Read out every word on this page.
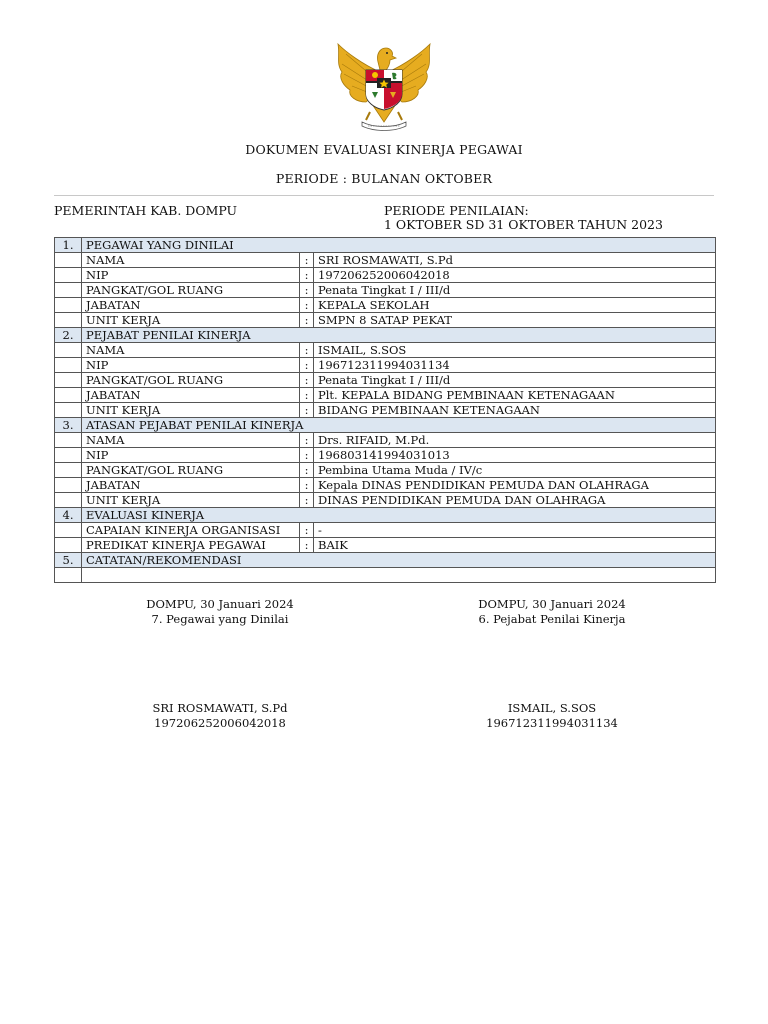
DOKUMEN EVALUASI KINERJA PEGAWAI
PERIODE : BULANAN OKTOBER
PEMERINTAH KAB. DOMPU	PERIODE PENILAIAN:
1 OKTOBER SD 31 OKTOBER TAHUN 2023
1.	PEGAWAI YANG DINILAI		
	NAMA	:	SRI ROSMAWATI, S.Pd
	NIP	:	197206252006042018
	PANGKAT/GOL RUANG	:	Penata Tingkat I / III/d
	JABATAN	:	KEPALA SEKOLAH
	UNIT KERJA	:	SMPN 8 SATAP PEKAT
2.	PEJABAT PENILAI KINERJA		
	NAMA	:	ISMAIL, S.SOS
	NIP	:	196712311994031134
	PANGKAT/GOL RUANG	:	Penata Tingkat I / III/d
	JABATAN	:	Plt. KEPALA BIDANG PEMBINAAN KETENAGAAN
	UNIT KERJA	:	BIDANG PEMBINAAN KETENAGAAN
3.	ATASAN PEJABAT PENILAI KINERJA		
	NAMA	:	Drs. RIFAID, M.Pd.
	NIP	:	196803141994031013
	PANGKAT/GOL RUANG	:	Pembina Utama Muda / IV/c
	JABATAN	:	Kepala DINAS PENDIDIKAN PEMUDA DAN OLAHRAGA
	UNIT KERJA	:	DINAS PENDIDIKAN PEMUDA DAN OLAHRAGA
4.	EVALUASI KINERJA		
	CAPAIAN KINERJA ORGANISASI	:	-
	PREDIKAT KINERJA PEGAWAI	:	BAIK
5.	CATATAN/REKOMENDASI		

DOMPU, 30 Januari 2024
7. Pegawai yang Dinilai
SRI ROSMAWATI, S.Pd
197206252006042018
DOMPU, 30 Januari 2024
6. Pejabat Penilai Kinerja
ISMAIL, S.SOS
196712311994031134
